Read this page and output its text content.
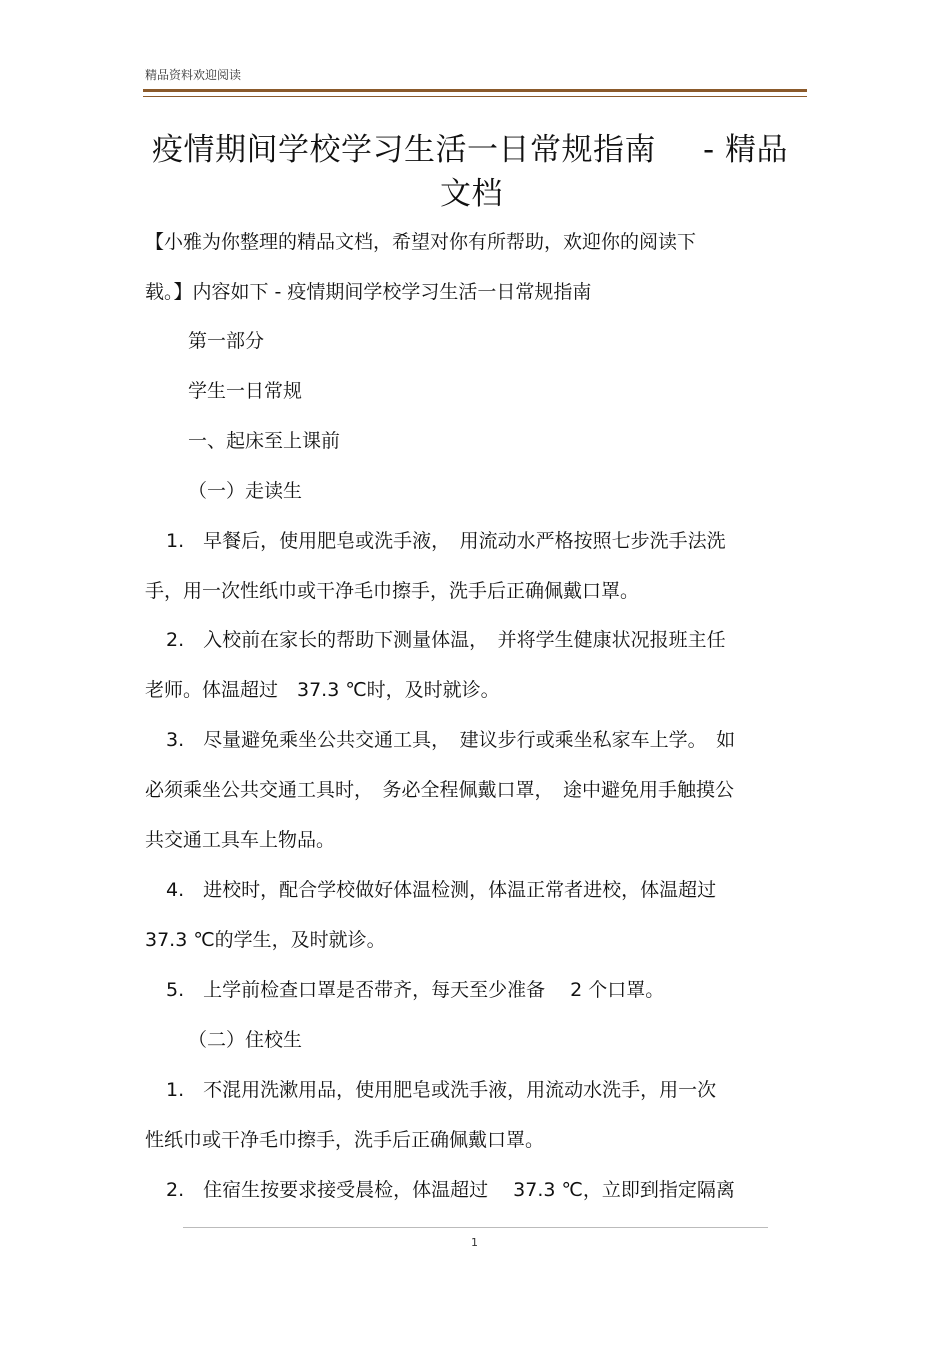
精品资料欢迎阅读
疫情期间学校学习生活一日常规指南 - 精品
文档
【小雅为你整理的精品文档，希望对你有所帮助，欢迎你的阅读下
载。】内容如下 - 疫情期间学校学习生活一日常规指南
第一部分
学生一日常规
一、起床至上课前
（一）走读生
1.　早餐后，使用肥皂或洗手液，　用流动水严格按照七步洗手法洗
手，用一次性纸巾或干净毛巾擦手，洗手后正确佩戴口罩。
2.　入校前在家长的帮助下测量体温，　并将学生健康状况报班主任
老师。体温超过　37.3 ℃时，及时就诊。
3.　尽量避免乘坐公共交通工具，　建议步行或乘坐私家车上学。　如
必须乘坐公共交通工具时，　务必全程佩戴口罩，　途中避免用手触摸公
共交通工具车上物品。
4.　进校时，配合学校做好体温检测，体温正常者进校，体温超过
37.3 ℃的学生，及时就诊。
5.　上学前检查口罩是否带齐，每天至少准备　 2 个口罩。
（二）住校生
1.　不混用洗漱用品，使用肥皂或洗手液，用流动水洗手，用一次
性纸巾或干净毛巾擦手，洗手后正确佩戴口罩。
2.　住宿生按要求接受晨检，体温超过　 37.3 ℃，立即到指定隔离
1
